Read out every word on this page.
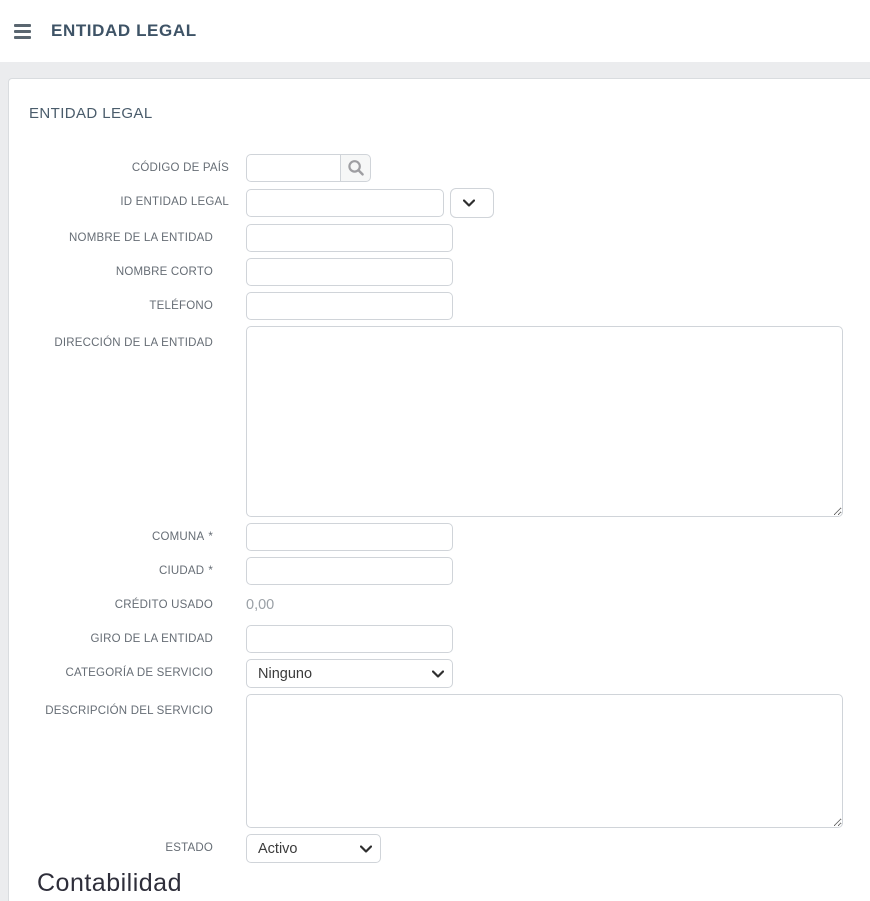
ENTIDAD LEGAL
ENTIDAD LEGAL
CÓDIGO DE PAÍS
ID ENTIDAD LEGAL
NOMBRE DE LA ENTIDAD
NOMBRE CORTO
TELÉFONO
DIRECCIÓN DE LA ENTIDAD
COMUNA *
CIUDAD *
CRÉDITO USADO	0,00
GIRO DE LA ENTIDAD
CATEGORÍA DE SERVICIO
Ninguno
DESCRIPCIÓN DEL SERVICIO
ESTADO
Activo
Contabilidad
